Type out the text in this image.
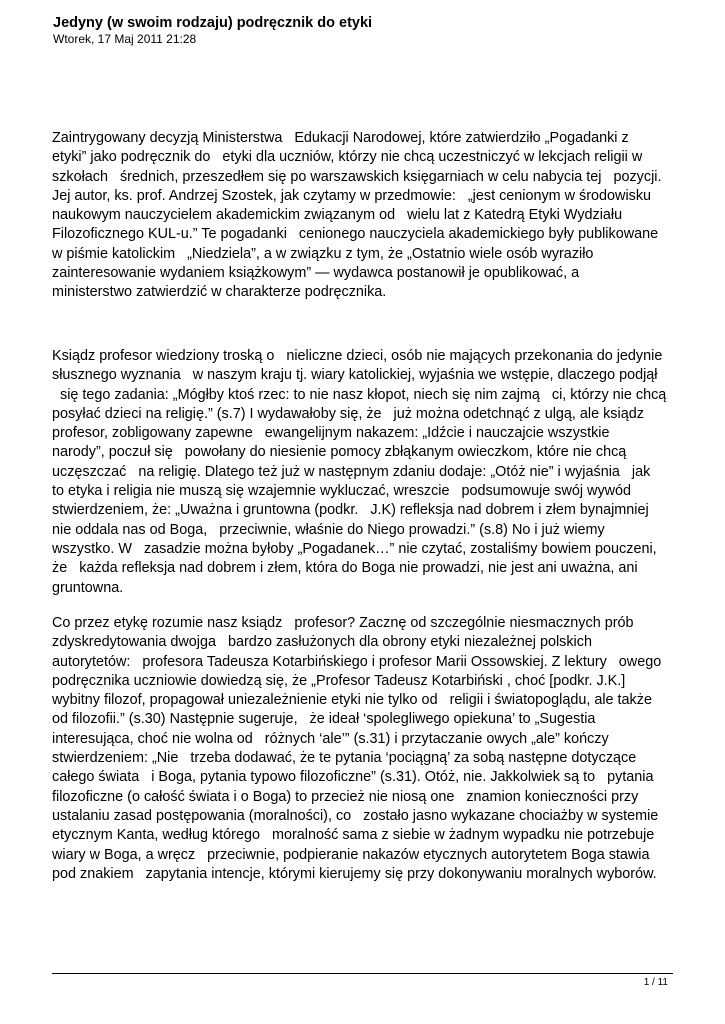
Jedyny (w swoim rodzaju) podręcznik do etyki
Wtorek, 17 Maj 2011 21:28
Zaintrygowany decyzją Ministerstwa   Edukacji Narodowej, które zatwierdziło „Pogadanki z
etyki” jako podręcznik do   etyki dla uczniów, którzy nie chcą uczestniczyć w lekcjach religii w
szkołach   średnich, przeszedłem się po warszawskich księgarniach w celu nabycia tej   pozycji.
Jej autor, ks. prof. Andrzej Szostek, jak czytamy w przedmowie:   „jest cenionym w środowisku
naukowym nauczycielem akademickim związanym od   wielu lat z Katedrą Etyki Wydziału
Filozoficznego KUL-u.” Te pogadanki   cenionego nauczyciela akademickiego były publikowane
w piśmie katolickim   „Niedziela”, a w związku z tym, że „Ostatnio wiele osób wyraziło
zainteresowanie wydaniem książkowym” — wydawca postanowił je opublikować, a
ministerstwo zatwierdzić w charakterze podręcznika.
Ksiądz profesor wiedziony troską o   nieliczne dzieci, osób nie mających przekonania do jedynie
słusznego wyznania   w naszym kraju tj. wiary katolickiej, wyjaśnia we wstępie, dlaczego podjął
się tego zadania: „Mógłby ktoś rzec: to nie nasz kłopot, niech się nim zajmą   ci, którzy nie chcą
posyłać dzieci na religię.” (s.7) I wydawałoby się, że   już można odetchnąć z ulgą, ale ksiądz
profesor, zobligowany zapewne   ewangelijnym nakazem: „Idźcie i nauczajcie wszystkie
narody”, poczuł się   powołany do niesienie pomocy zbłąkanym owieczkom, które nie chcą
uczęszczać   na religię. Dlatego też już w następnym zdaniu dodaje: „Otóż nie” i wyjaśnia   jak
to etyka i religia nie muszą się wzajemnie wykluczać, wreszcie   podsumowuje swój wywód
stwierdzeniem, że: „Uważna i gruntowna (podkr.   J.K) refleksja nad dobrem i złem bynajmniej
nie oddala nas od Boga,   przeciwnie, właśnie do Niego prowadzi.” (s.8) No i już wiemy
wszystko. W   zasadzie można byłoby „Pogadanek…” nie czytać, zostaliśmy bowiem pouczeni,
że   każda refleksja nad dobrem i złem, która do Boga nie prowadzi, nie jest ani uważna, ani
gruntowna.
Co przez etykę rozumie nasz ksiądz   profesor? Zacznę od szczególnie niesmacznych prób
zdyskredytowania dwojga   bardzo zasłużonych dla obrony etyki niezależnej polskich
autorytetów:   profesora Tadeusza Kotarbińskiego i profesor Marii Ossowskiej. Z lektury   owego
podręcznika uczniowie dowiedzą się, że „Profesor Tadeusz Kotarbiński , choć [podkr. J.K.]
wybitny filozof, propagował uniezależnienie etyki nie tylko od   religii i światopoglądu, ale także
od filozofii.” (s.30) Następnie sugeruje,   że ideał ‘spolegliwego opiekuna’ to „Sugestia
interesująca, choć nie wolna od   różnych ‘ale’” (s.31) i przytaczanie owych „ale” kończy
stwierdzeniem: „Nie   trzeba dodawać, że te pytania ‘pociągną’ za sobą następne dotyczące
całego świata   i Boga, pytania typowo filozoficzne” (s.31). Otóż, nie. Jakkolwiek są to   pytania
filozoficzne (o całość świata i o Boga) to przecież nie niosą one   znamion konieczności przy
ustalaniu zasad postępowania (moralności), co   zostało jasno wykazane chociażby w systemie
etycznym Kanta, według którego   moralność sama z siebie w żadnym wypadku nie potrzebuje
wiary w Boga, a wręcz   przeciwnie, podpieranie nakazów etycznych autorytetem Boga stawia
pod znakiem   zapytania intencje, którymi kierujemy się przy dokonywaniu moralnych wyborów.
1 / 11
